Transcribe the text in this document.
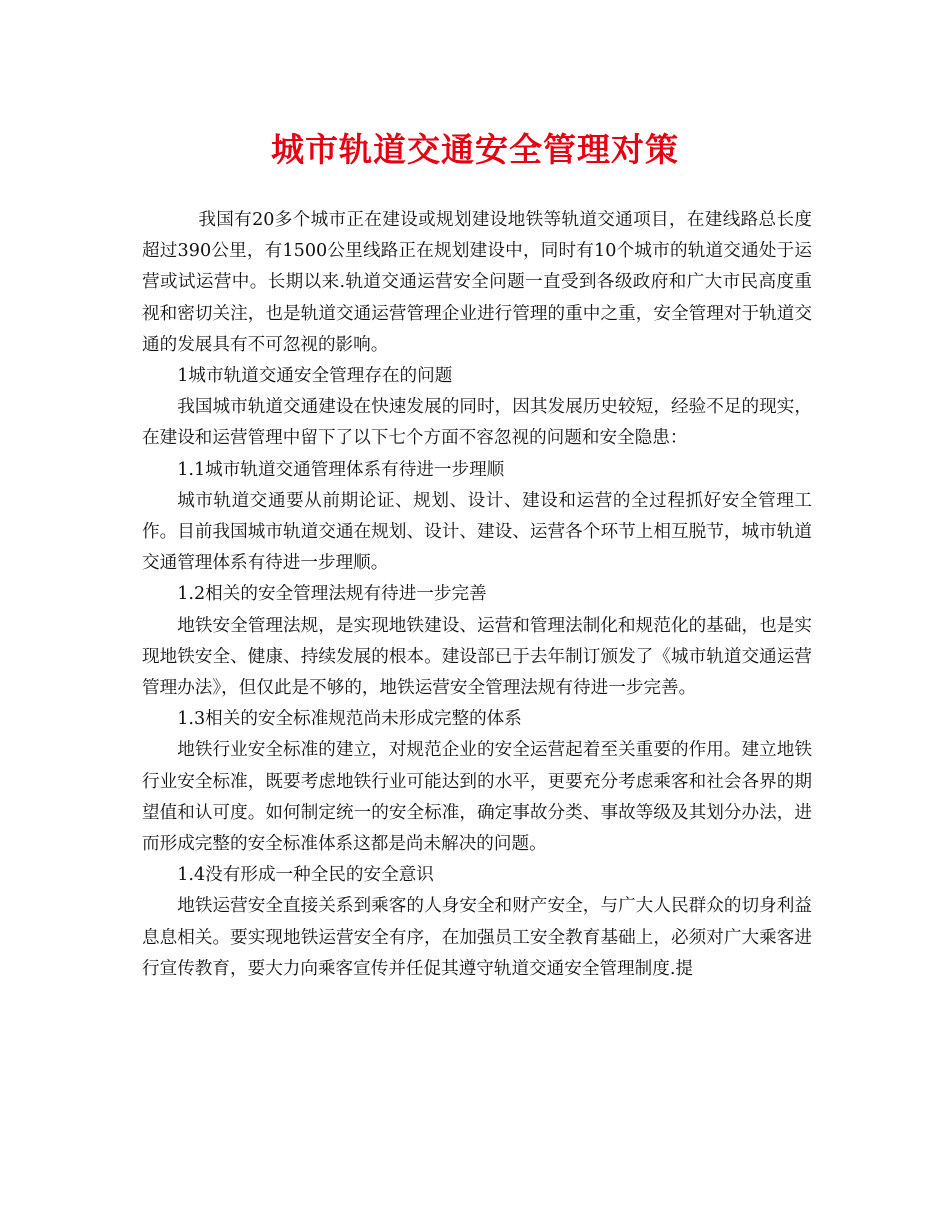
城市轨道交通安全管理对策

我国有20多个城市正在建设或规划建设地铁等轨道交通项目，在建线路总长度超过390公里，有1500公里线路正在规划建设中，同时有10个城市的轨道交通处于运营或试运营中。长期以来.轨道交通运营安全问题一直受到各级政府和广大市民高度重视和密切关注，也是轨道交通运营管理企业进行管理的重中之重，安全管理对于轨道交通的发展具有不可忽视的影响。

1城市轨道交通安全管理存在的问题

我国城市轨道交通建设在快速发展的同时，因其发展历史较短，经验不足的现实，在建设和运营管理中留下了以下七个方面不容忽视的问题和安全隐患：

1.1城市轨道交通管理体系有待进一步理顺

城市轨道交通要从前期论证、规划、设计、建设和运营的全过程抓好安全管理工作。目前我国城市轨道交通在规划、设计、建设、运营各个环节上相互脱节，城市轨道交通管理体系有待进一步理顺。

1.2相关的安全管理法规有待进一步完善

地铁安全管理法规，是实现地铁建设、运营和管理法制化和规范化的基础，也是实现地铁安全、健康、持续发展的根本。建设部已于去年制订颁发了《城市轨道交通运营管理办法》，但仅此是不够的，地铁运营安全管理法规有待进一步完善。

1.3相关的安全标准规范尚未形成完整的体系

地铁行业安全标准的建立，对规范企业的安全运营起着至关重要的作用。建立地铁行业安全标准，既要考虑地铁行业可能达到的水平，更要充分考虑乘客和社会各界的期望值和认可度。如何制定统一的安全标准，确定事故分类、事故等级及其划分办法，进而形成完整的安全标准体系这都是尚未解决的问题。

1.4没有形成一种全民的安全意识

地铁运营安全直接关系到乘客的人身安全和财产安全，与广大人民群众的切身利益息息相关。要实现地铁运营安全有序，在加强员工安全教育基础上，必须对广大乘客进行宣传教育，要大力向乘客宣传并任促其遵守轨道交通安全管理制度.提
